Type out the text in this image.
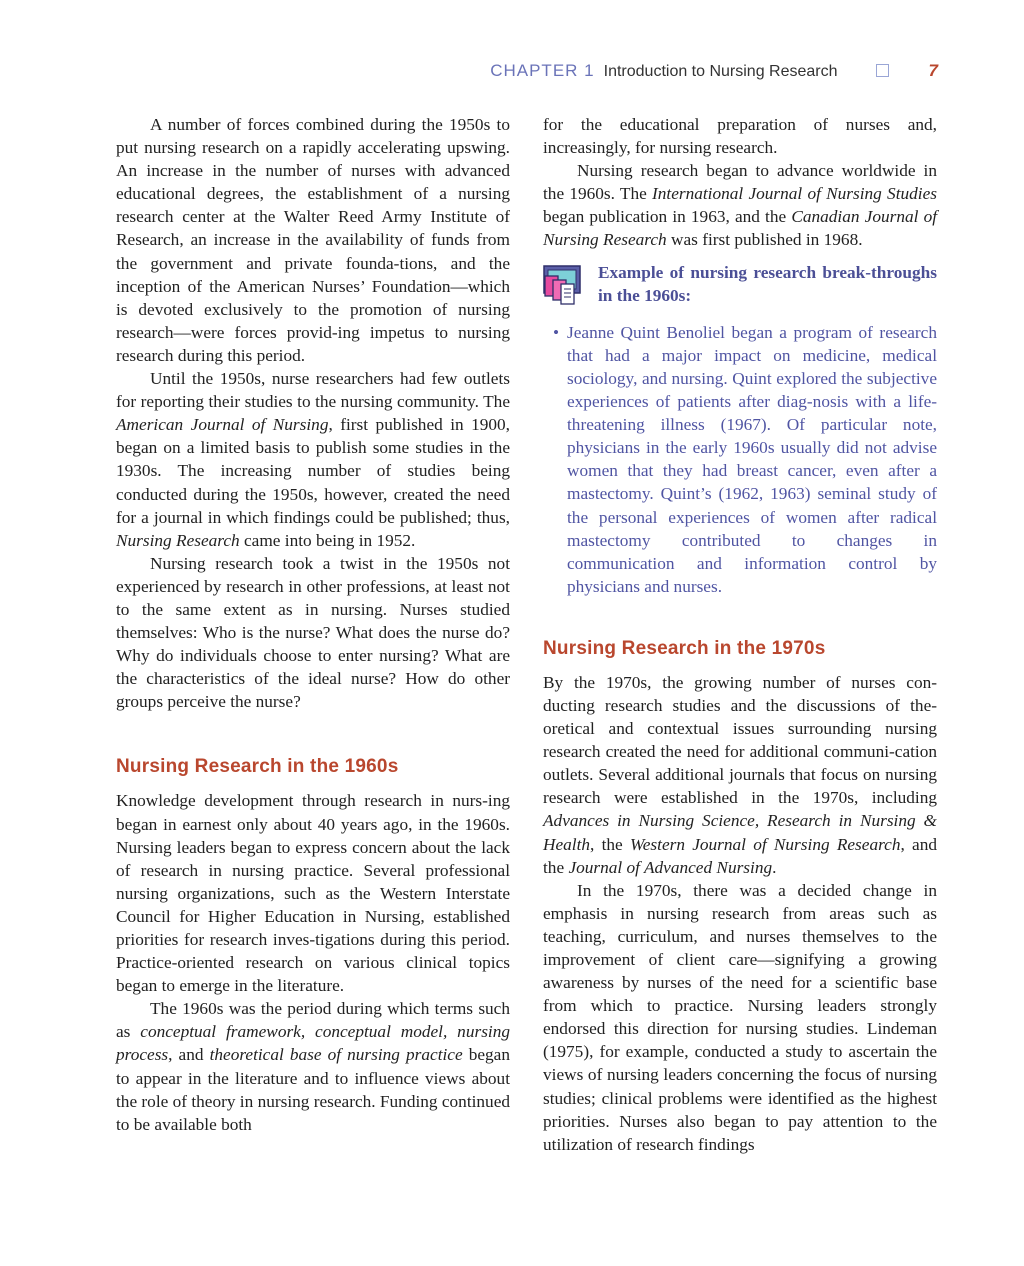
CHAPTER 1 Introduction to Nursing Research	7

A number of forces combined during the 1950s to put nursing research on a rapidly accelerating upswing. An increase in the number of nurses with advanced educational degrees, the establishment of a nursing research center at the Walter Reed Army Institute of Research, an increase in the availability of funds from the government and private founda-tions, and the inception of the American Nurses’ Foundation—which is devoted exclusively to the promotion of nursing research—were forces provid-ing impetus to nursing research during this period.

Until the 1950s, nurse researchers had few outlets for reporting their studies to the nursing community. The American Journal of Nursing, first published in 1900, began on a limited basis to publish some studies in the 1930s. The increasing number of studies being conducted during the 1950s, however, created the need for a journal in which findings could be published; thus, Nursing Research came into being in 1952.

Nursing research took a twist in the 1950s not experienced by research in other professions, at least not to the same extent as in nursing. Nurses studied themselves: Who is the nurse? What does the nurse do? Why do individuals choose to enter nursing? What are the characteristics of the ideal nurse? How do other groups perceive the nurse?

Nursing Research in the 1960s

Knowledge development through research in nurs-ing began in earnest only about 40 years ago, in the 1960s. Nursing leaders began to express concern about the lack of research in nursing practice. Several professional nursing organizations, such as the Western Interstate Council for Higher Education in Nursing, established priorities for research inves-tigations during this period. Practice-oriented research on various clinical topics began to emerge in the literature.

The 1960s was the period during which terms such as conceptual framework, conceptual model, nursing process, and theoretical base of nursing practice began to appear in the literature and to influence views about the role of theory in nursing research. Funding continued to be available both

for the educational preparation of nurses and, increasingly, for nursing research.

Nursing research began to advance worldwide in the 1960s. The International Journal of Nursing Studies began publication in 1963, and the Canadian Journal of Nursing Research was first published in 1968.

Example of nursing research break-throughs in the 1960s:
• Jeanne Quint Benoliel began a program of research that had a major impact on medicine, medical sociology, and nursing. Quint explored the subjective experiences of patients after diag-nosis with a life-threatening illness (1967). Of particular note, physicians in the early 1960s usually did not advise women that they had breast cancer, even after a mastectomy. Quint’s (1962, 1963) seminal study of the personal experiences of women after radical mastectomy contributed to changes in communication and information control by physicians and nurses.
Nursing Research in the 1970s

By the 1970s, the growing number of nurses con-ducting research studies and the discussions of the-oretical and contextual issues surrounding nursing research created the need for additional communi-cation outlets. Several additional journals that focus on nursing research were established in the 1970s, including Advances in Nursing Science, Research in Nursing & Health, the Western Journal of Nursing Research, and the Journal of Advanced Nursing.

In the 1970s, there was a decided change in emphasis in nursing research from areas such as teaching, curriculum, and nurses themselves to the improvement of client care—signifying a growing awareness by nurses of the need for a scientific base from which to practice. Nursing leaders strongly endorsed this direction for nursing studies. Lindeman (1975), for example, conducted a study to ascertain the views of nursing leaders concerning the focus of nursing studies; clinical problems were identified as the highest priorities. Nurses also began to pay attention to the utilization of research findings
